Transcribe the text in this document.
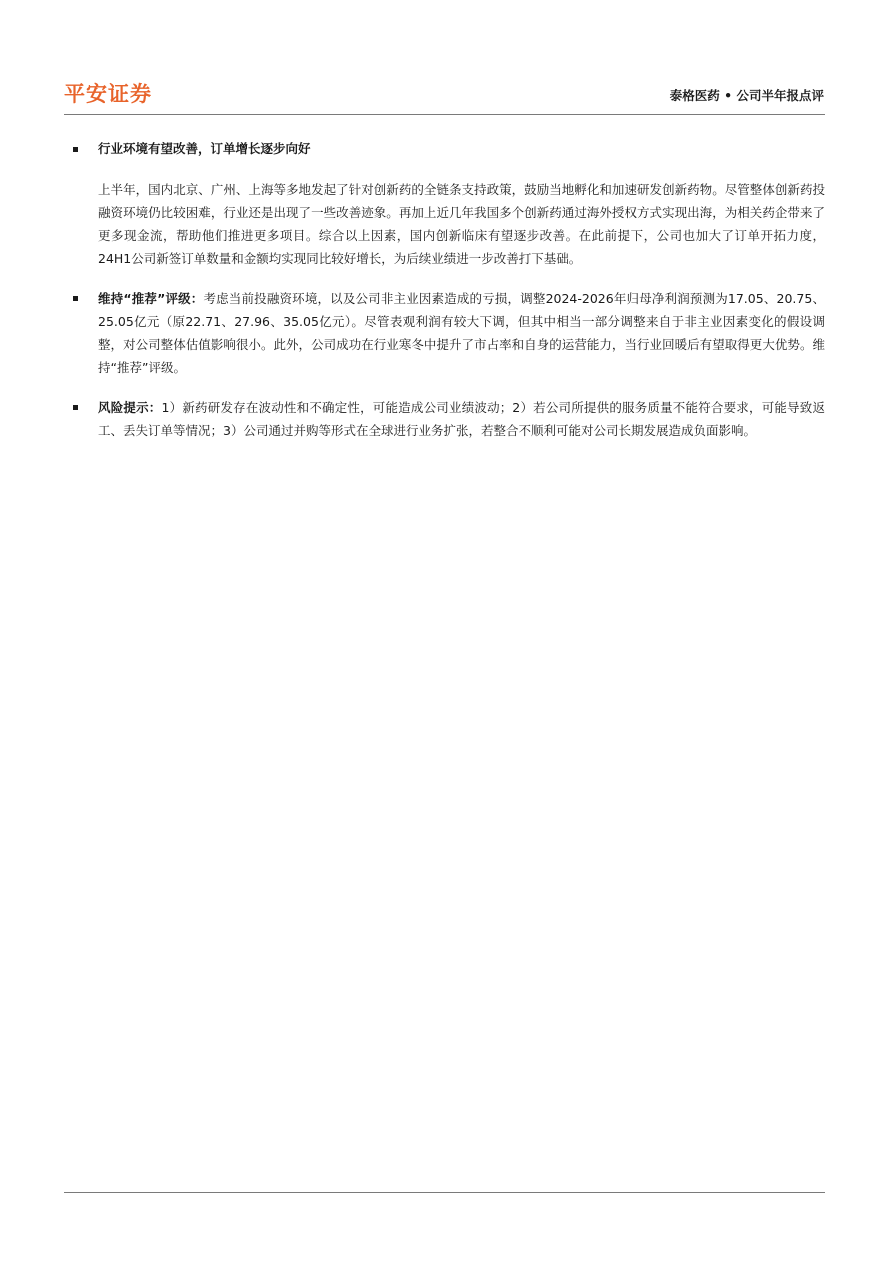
平安证券	泰格医药 • 公司半年报点评
行业环境有望改善，订单增长逐步向好
上半年，国内北京、广州、上海等多地发起了针对创新药的全链条支持政策，鼓励当地孵化和加速研发创新药物。尽管整体创新药投融资环境仍比较困难，行业还是出现了一些改善迹象。再加上近几年我国多个创新药通过海外授权方式实现出海，为相关药企带来了更多现金流，帮助他们推进更多项目。综合以上因素，国内创新临床有望逐步改善。在此前提下，公司也加大了订单开拓力度，24H1公司新签订单数量和金额均实现同比较好增长，为后续业绩进一步改善打下基础。
维持“推荐”评级：考虑当前投融资环境，以及公司非主业因素造成的亏损，调整2024-2026年归母净利润预测为17.05、20.75、25.05亿元（原22.71、27.96、35.05亿元）。尽管表观利润有较大下调，但其中相当一部分调整来自于非主业因素变化的假设调整，对公司整体估值影响很小。此外，公司成功在行业寒冬中提升了市占率和自身的运营能力，当行业回暖后有望取得更大优势。维持“推荐”评级。
风险提示：1）新药研发存在波动性和不确定性，可能造成公司业绩波动；2）若公司所提供的服务质量不能符合要求，可能导致返工、丢失订单等情况；3）公司通过并购等形式在全球进行业务扩张，若整合不顺利可能对公司长期发展造成负面影响。
